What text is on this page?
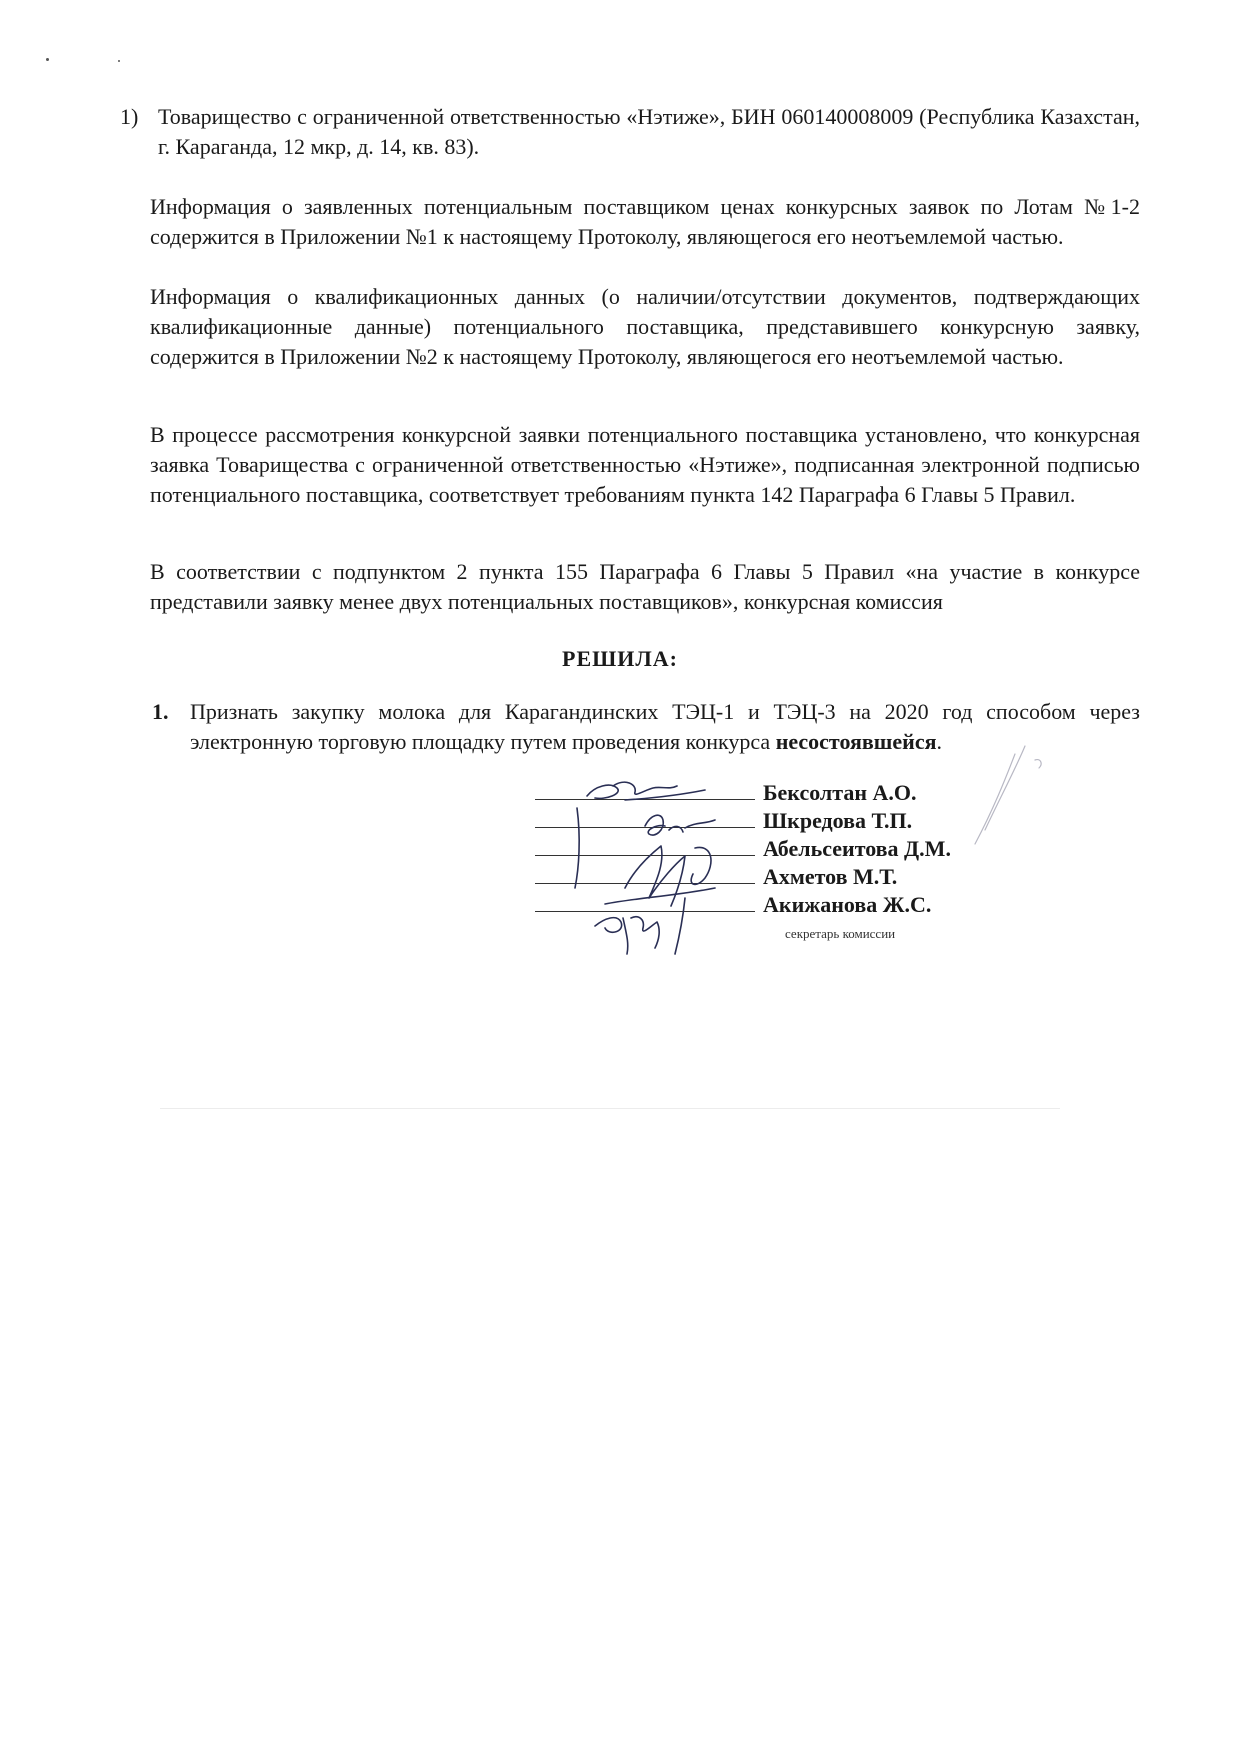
1) Товарищество с ограниченной ответственностью «Нэтиже», БИН 060140008009 (Республика Казахстан, г. Караганда, 12 мкр, д. 14, кв. 83).

Информация о заявленных потенциальным поставщиком ценах конкурсных заявок по Лотам №1-2 содержится в Приложении №1 к настоящему Протоколу, являющегося его неотъемлемой частью.

Информация о квалификационных данных (о наличии/отсутствии документов, подтверждающих квалификационные данные) потенциального поставщика, представившего конкурсную заявку, содержится в Приложении №2 к настоящему Протоколу, являющегося его неотъемлемой частью.

В процессе рассмотрения конкурсной заявки потенциального поставщика установлено, что конкурсная заявка Товарищества с ограниченной ответственностью «Нэтиже», подписанная электронной подписью потенциального поставщика, соответствует требованиям пункта 142 Параграфа 6 Главы 5 Правил.

В соответствии с подпунктом 2 пункта 155 Параграфа 6 Главы 5 Правил «на участие в конкурсе представили заявку менее двух потенциальных поставщиков», конкурсная комиссия

РЕШИЛА:

1. Признать закупку молока для Карагандинских ТЭЦ-1 и ТЭЦ-3 на 2020 год способом через электронную торговую площадку путем проведения конкурса несостоявшейся.
Бексолтан А.О.
Шкредова Т.П.
Абельсеитова Д.М.
Ахметов М.Т.
Акижанова Ж.С.
секретарь комиссии
